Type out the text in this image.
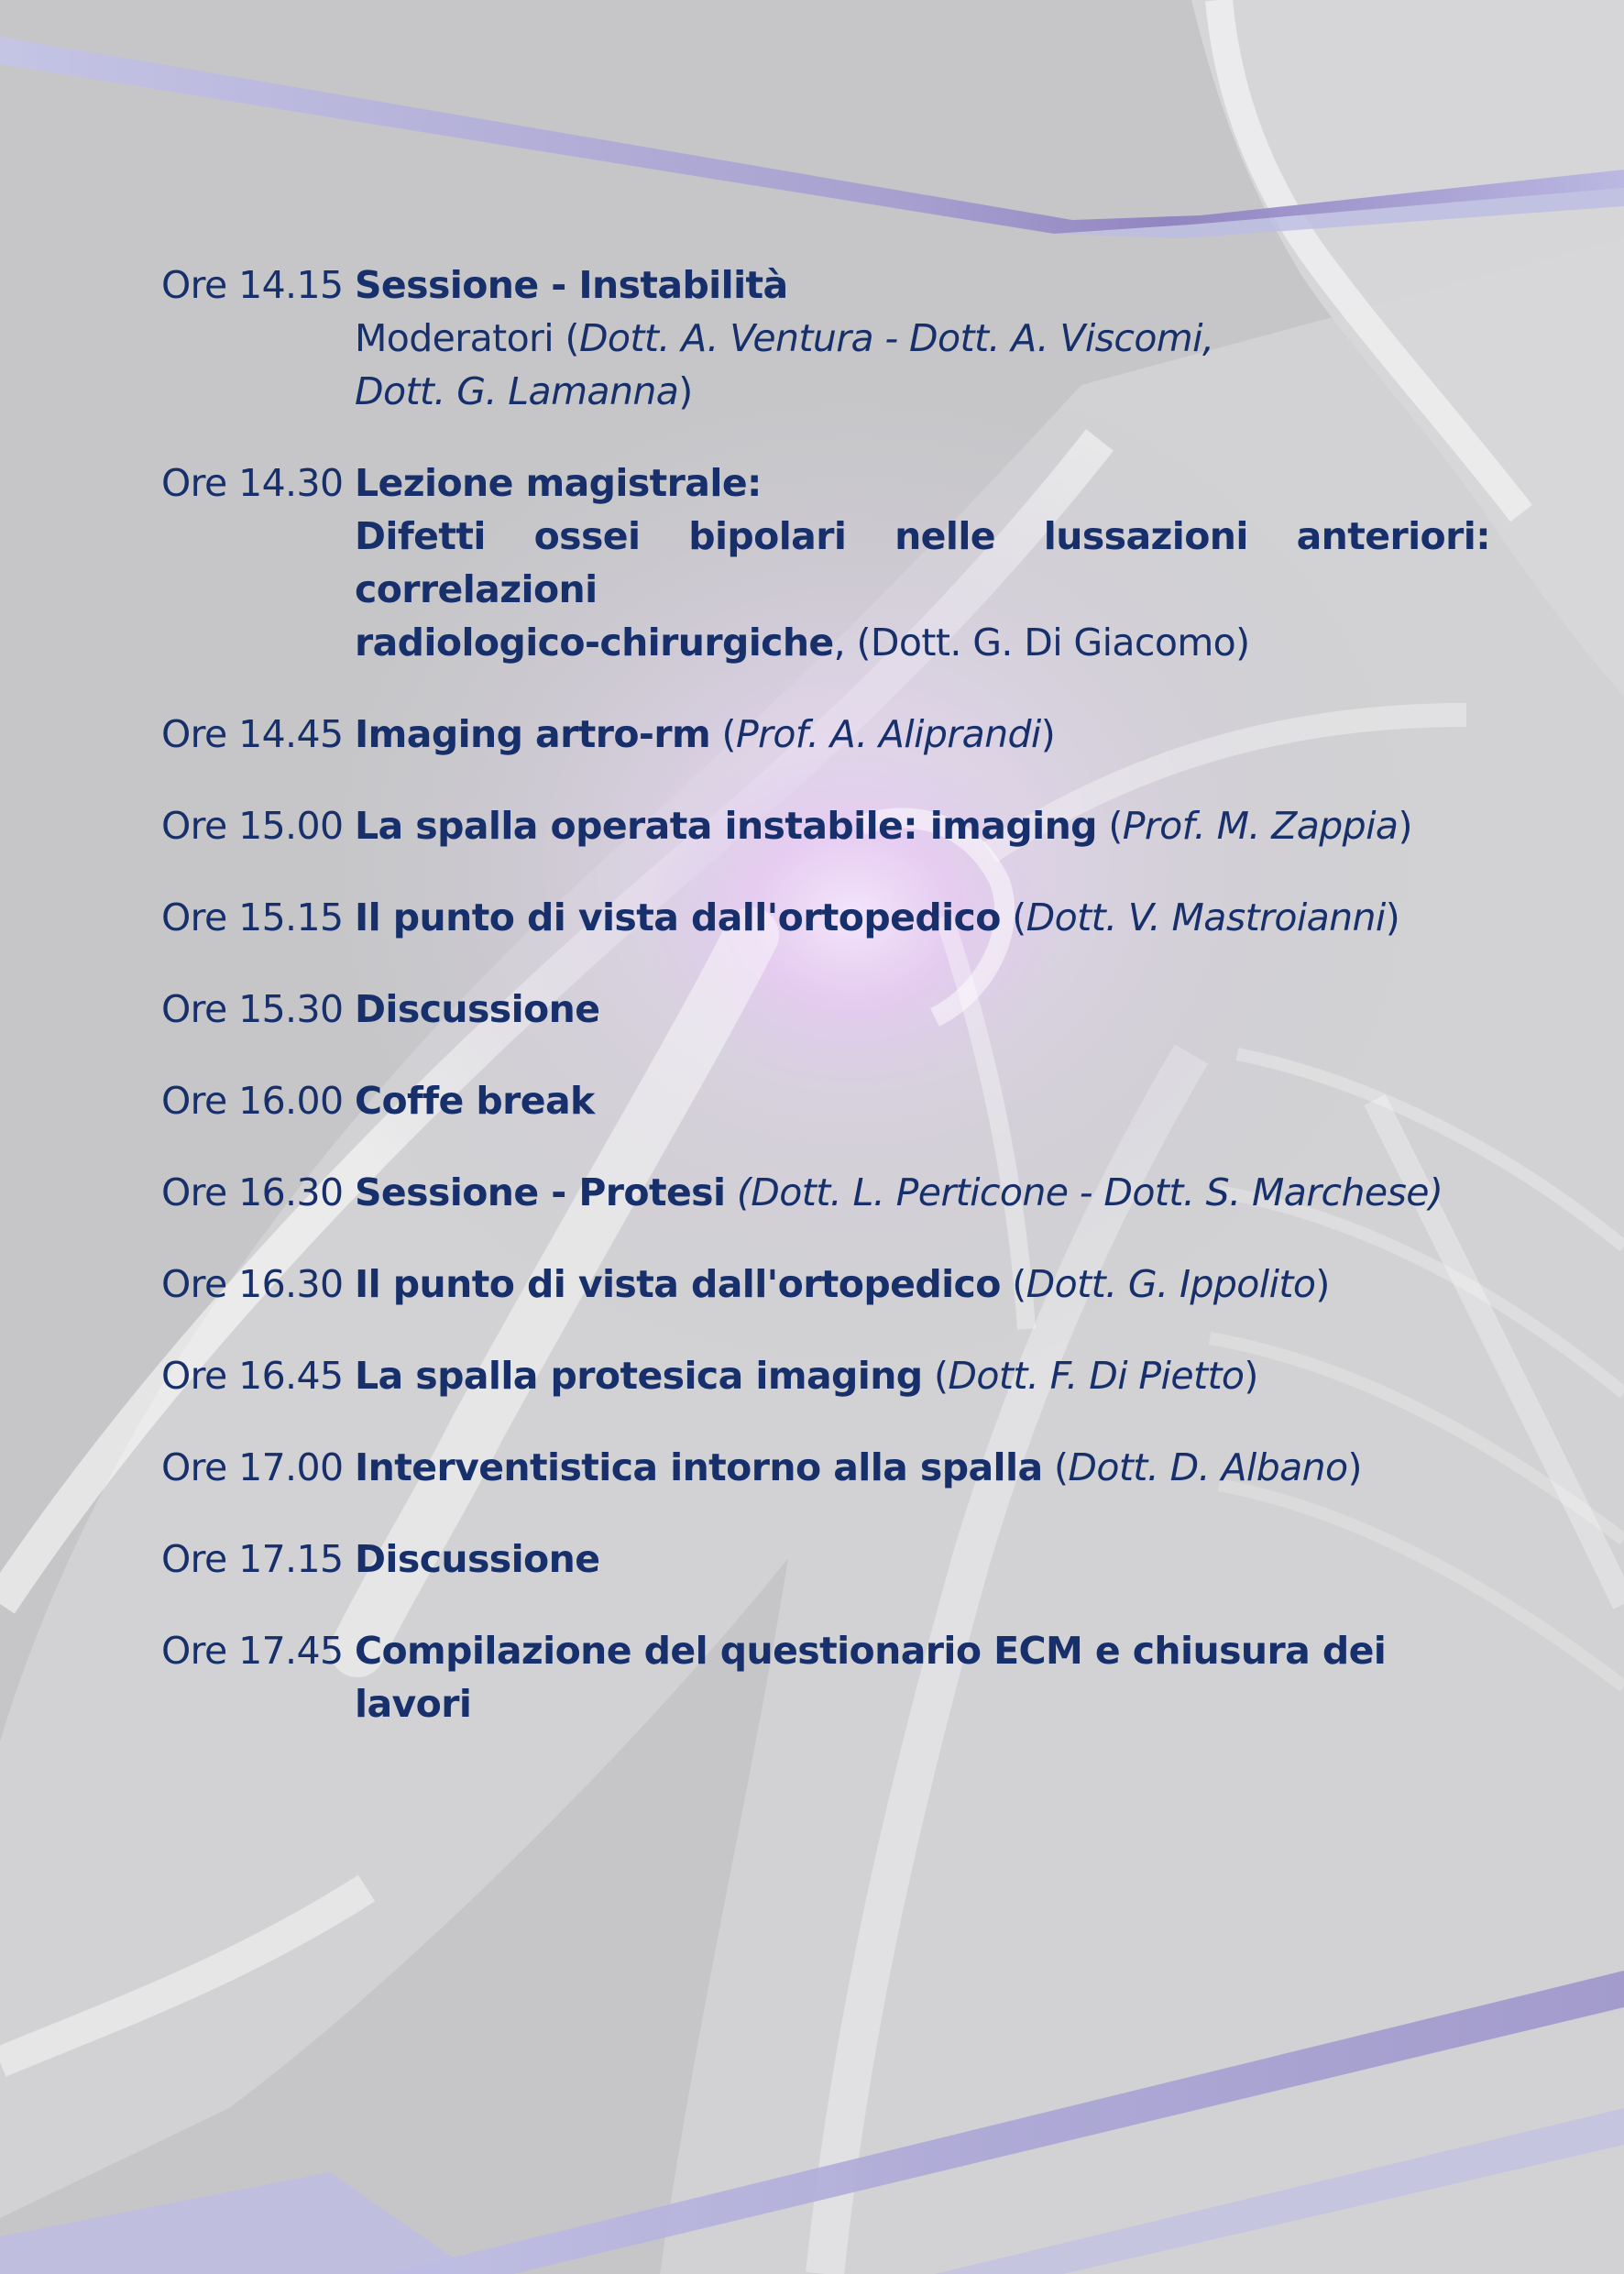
Ore 14.15 Sessione - Instabilità
Moderatori (Dott. A. Ventura - Dott. A. Viscomi,
Dott. G. Lamanna)
Ore 14.30 Lezione magistrale:
Difetti ossei bipolari nelle lussazioni anteriori: correlazioni
radiologico-chirurgiche, (Dott. G. Di Giacomo)
Ore 14.45 Imaging artro-rm (Prof. A. Aliprandi)
Ore 15.00 La spalla operata instabile: imaging (Prof. M. Zappia)
Ore 15.15 Il punto di vista dall'ortopedico (Dott. V. Mastroianni)
Ore 15.30 Discussione
Ore 16.00 Coffe break
Ore 16.30 Sessione - Protesi (Dott. L. Perticone - Dott. S. Marchese)
Ore 16.30 Il punto di vista dall'ortopedico (Dott. G. Ippolito)
Ore 16.45 La spalla protesica imaging (Dott. F. Di Pietto)
Ore 17.00 Interventistica intorno alla spalla (Dott. D. Albano)
Ore 17.15 Discussione
Ore 17.45 Compilazione del questionario ECM e chiusura dei lavori
